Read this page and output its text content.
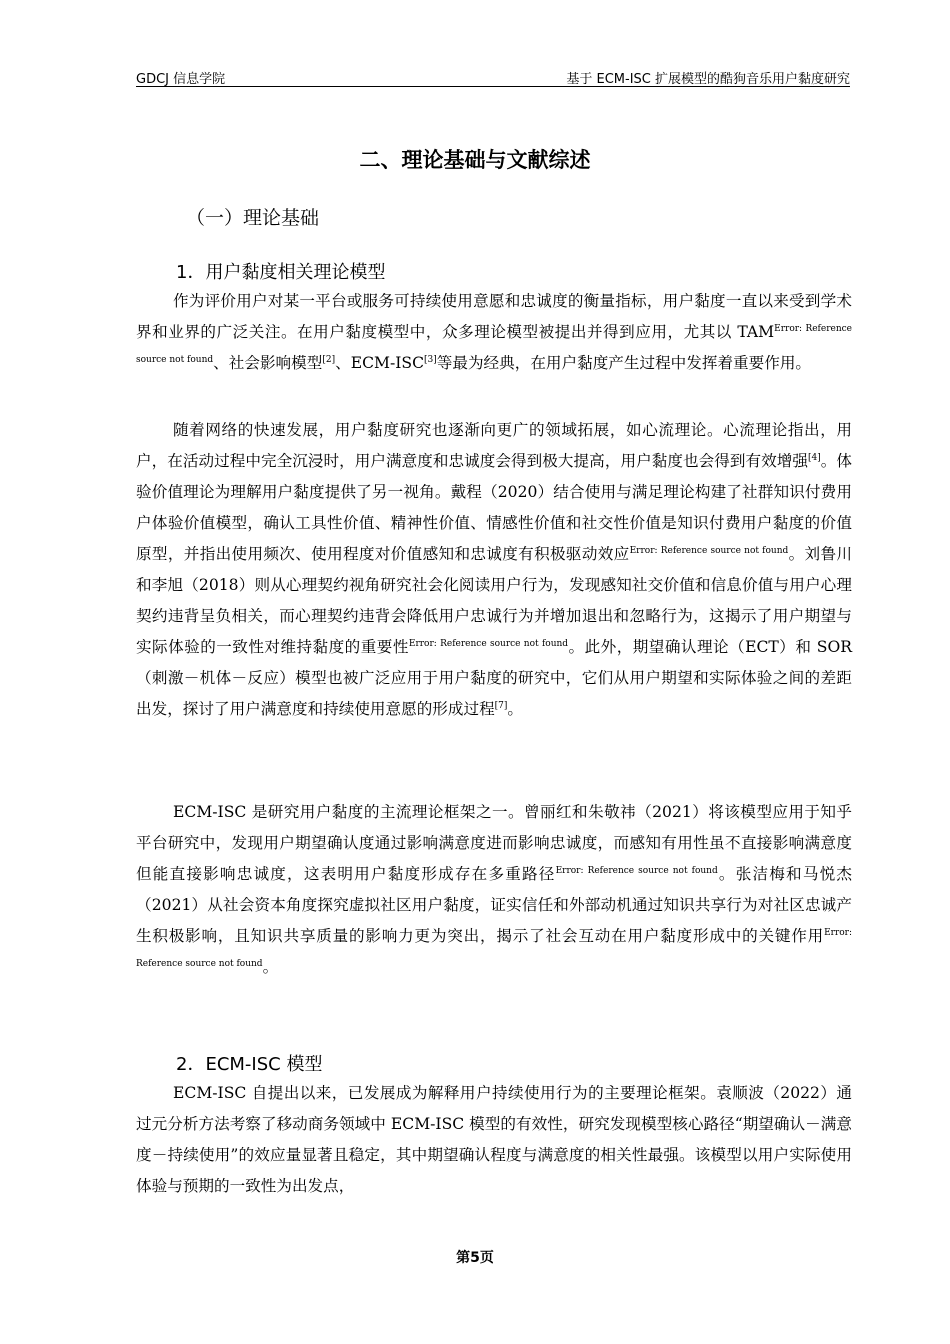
GDCJ 信息学院	基于 ECM-ISC 扩展模型的酷狗音乐用户黏度研究
二、理论基础与文献综述
（一）理论基础
1．用户黏度相关理论模型

作为评价用户对某一平台或服务可持续使用意愿和忠诚度的衡量指标，用户黏度一直以来受到学术界和业界的广泛关注。在用户黏度模型中，众多理论模型被提出并得到应用，尤其以 $TAM^{Error: Reference source not found}$、社会影响模型[2]、ECM-ISC[3]等最为经典，在用户黏度产生过程中发挥着重要作用。

随着网络的快速发展，用户黏度研究也逐渐向更广的领域拓展，如心流理论。心流理论指出，用户，在活动过程中完全沉浸时，用户满意度和忠诚度会得到极大提高，用户黏度也会得到有效增强[4]。体验价值理论为理解用户黏度提供了另一视角。戴程（2020）结合使用与满足理论构建了社群知识付费用户体验价值模型，确认工具性价值、精神性价值、情感性价值和社交性价值是知识付费用户黏度的价值原型，并指出使用频次、使用程度对价值感知和忠诚度有积极驱动效应$^{Error: Reference source not found}$。刘鲁川和李旭（2018）则从心理契约视角研究社会化阅读用户行为，发现感知社交价值和信息价值与用户心理契约违背呈负相关，而心理契约违背会降低用户忠诚行为并增加退出和忽略行为，这揭示了用户期望与实际体验的一致性对维持黏度的重要性$^{Error: Reference source not found}$。此外，期望确认理论（ECT）和 SOR（刺激－机体－反应）模型也被广泛应用于用户黏度的研究中，它们从用户期望和实际体验之间的差距出发，探讨了用户满意度和持续使用意愿的形成过程[7]。

ECM-ISC 是研究用户黏度的主流理论框架之一。曾丽红和朱敬祎（2021）将该模型应用于知乎平台研究中，发现用户期望确认度通过影响满意度进而影响忠诚度，而感知有用性虽不直接影响满意度但能直接影响忠诚度，这表明用户黏度形成存在多重路径$^{Error: Reference source not found}$。张洁梅和马悦杰（2021）从社会资本角度探究虚拟社区用户黏度，证实信任和外部动机通过知识共享行为对社区忠诚产生积极影响，且知识共享质量的影响力更为突出，揭示了社会互动在用户黏度形成中的关键作用$^{Error: Reference source not found}$。

2．ECM-ISC 模型

ECM-ISC 自提出以来，已发展成为解释用户持续使用行为的主要理论框架。袁顺波（2022）通过元分析方法考察了移动商务领域中 ECM-ISC 模型的有效性，研究发现模型核心路径“期望确认－满意度－持续使用”的效应量显著且稳定，其中期望确认程度与满意度的相关性最强。该模型以用户实际使用体验与预期的一致性为出发点，

第5页
